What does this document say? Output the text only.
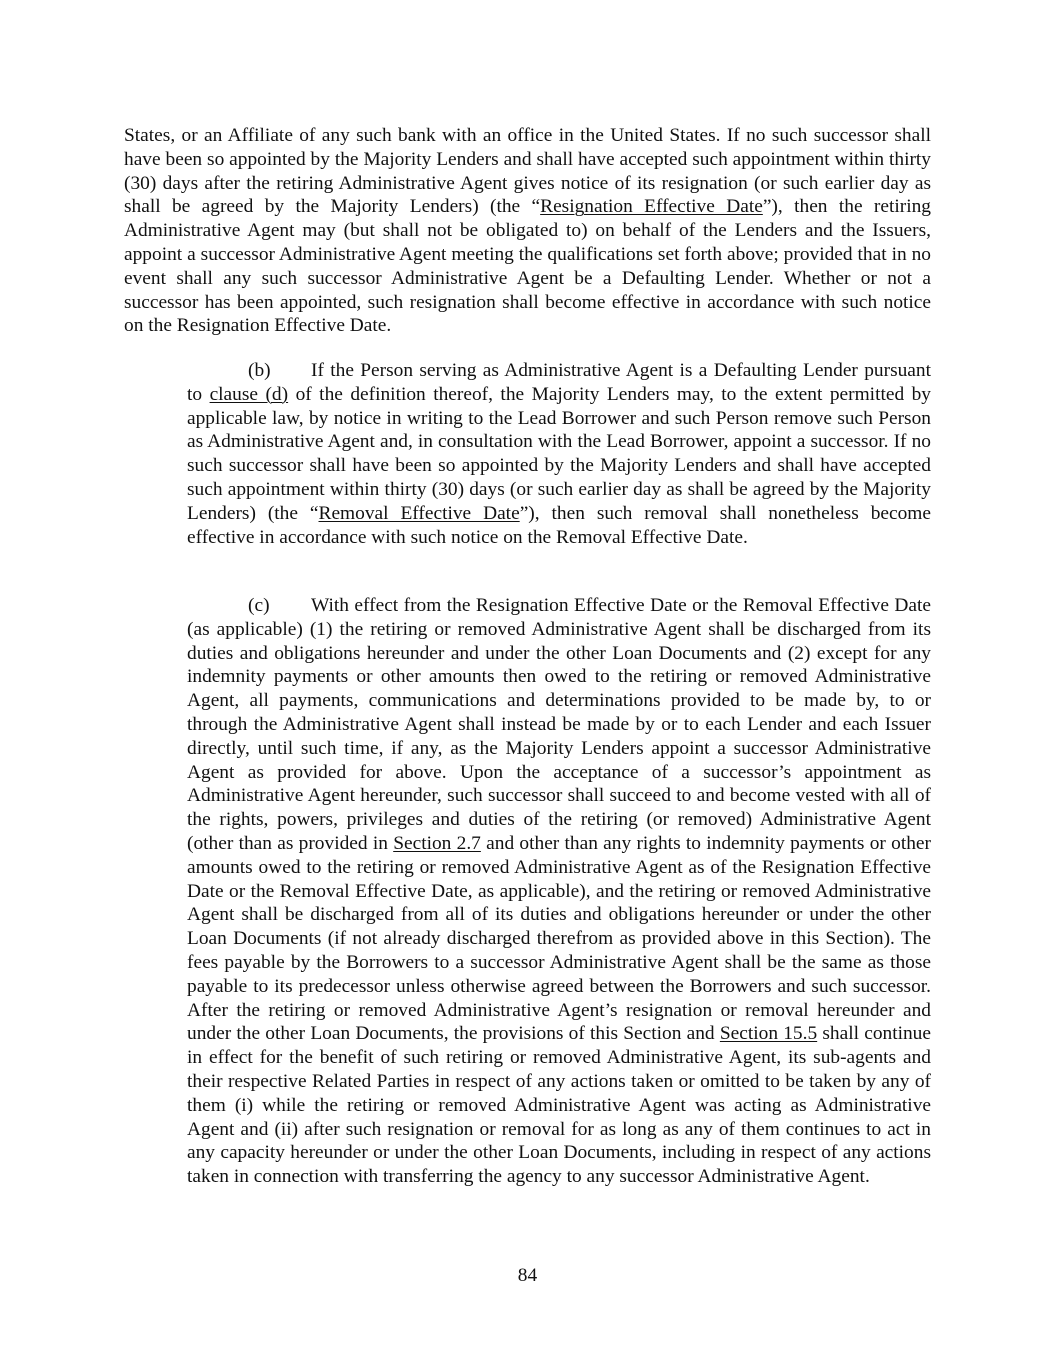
States, or an Affiliate of any such bank with an office in the United States. If no such successor shall have been so appointed by the Majority Lenders and shall have accepted such appointment within thirty (30) days after the retiring Administrative Agent gives notice of its resignation (or such earlier day as shall be agreed by the Majority Lenders) (the “Resignation Effective Date”), then the retiring Administrative Agent may (but shall not be obligated to) on behalf of the Lenders and the Issuers, appoint a successor Administrative Agent meeting the qualifications set forth above; provided that in no event shall any such successor Administrative Agent be a Defaulting Lender. Whether or not a successor has been appointed, such resignation shall become effective in accordance with such notice on the Resignation Effective Date.

(b) If the Person serving as Administrative Agent is a Defaulting Lender pursuant to clause (d) of the definition thereof, the Majority Lenders may, to the extent permitted by applicable law, by notice in writing to the Lead Borrower and such Person remove such Person as Administrative Agent and, in consultation with the Lead Borrower, appoint a successor. If no such successor shall have been so appointed by the Majority Lenders and shall have accepted such appointment within thirty (30) days (or such earlier day as shall be agreed by the Majority Lenders) (the “Removal Effective Date”), then such removal shall nonetheless become effective in accordance with such notice on the Removal Effective Date.

(c) With effect from the Resignation Effective Date or the Removal Effective Date (as applicable) (1) the retiring or removed Administrative Agent shall be discharged from its duties and obligations hereunder and under the other Loan Documents and (2) except for any indemnity payments or other amounts then owed to the retiring or removed Administrative Agent, all payments, communications and determinations provided to be made by, to or through the Administrative Agent shall instead be made by or to each Lender and each Issuer directly, until such time, if any, as the Majority Lenders appoint a successor Administrative Agent as provided for above. Upon the acceptance of a successor’s appointment as Administrative Agent hereunder, such successor shall succeed to and become vested with all of the rights, powers, privileges and duties of the retiring (or removed) Administrative Agent (other than as provided in Section 2.7 and other than any rights to indemnity payments or other amounts owed to the retiring or removed Administrative Agent as of the Resignation Effective Date or the Removal Effective Date, as applicable), and the retiring or removed Administrative Agent shall be discharged from all of its duties and obligations hereunder or under the other Loan Documents (if not already discharged therefrom as provided above in this Section). The fees payable by the Borrowers to a successor Administrative Agent shall be the same as those payable to its predecessor unless otherwise agreed between the Borrowers and such successor. After the retiring or removed Administrative Agent’s resignation or removal hereunder and under the other Loan Documents, the provisions of this Section and Section 15.5 shall continue in effect for the benefit of such retiring or removed Administrative Agent, its sub-agents and their respective Related Parties in respect of any actions taken or omitted to be taken by any of them (i) while the retiring or removed Administrative Agent was acting as Administrative Agent and (ii) after such resignation or removal for as long as any of them continues to act in any capacity hereunder or under the other Loan Documents, including in respect of any actions taken in connection with transferring the agency to any successor Administrative Agent.

84
